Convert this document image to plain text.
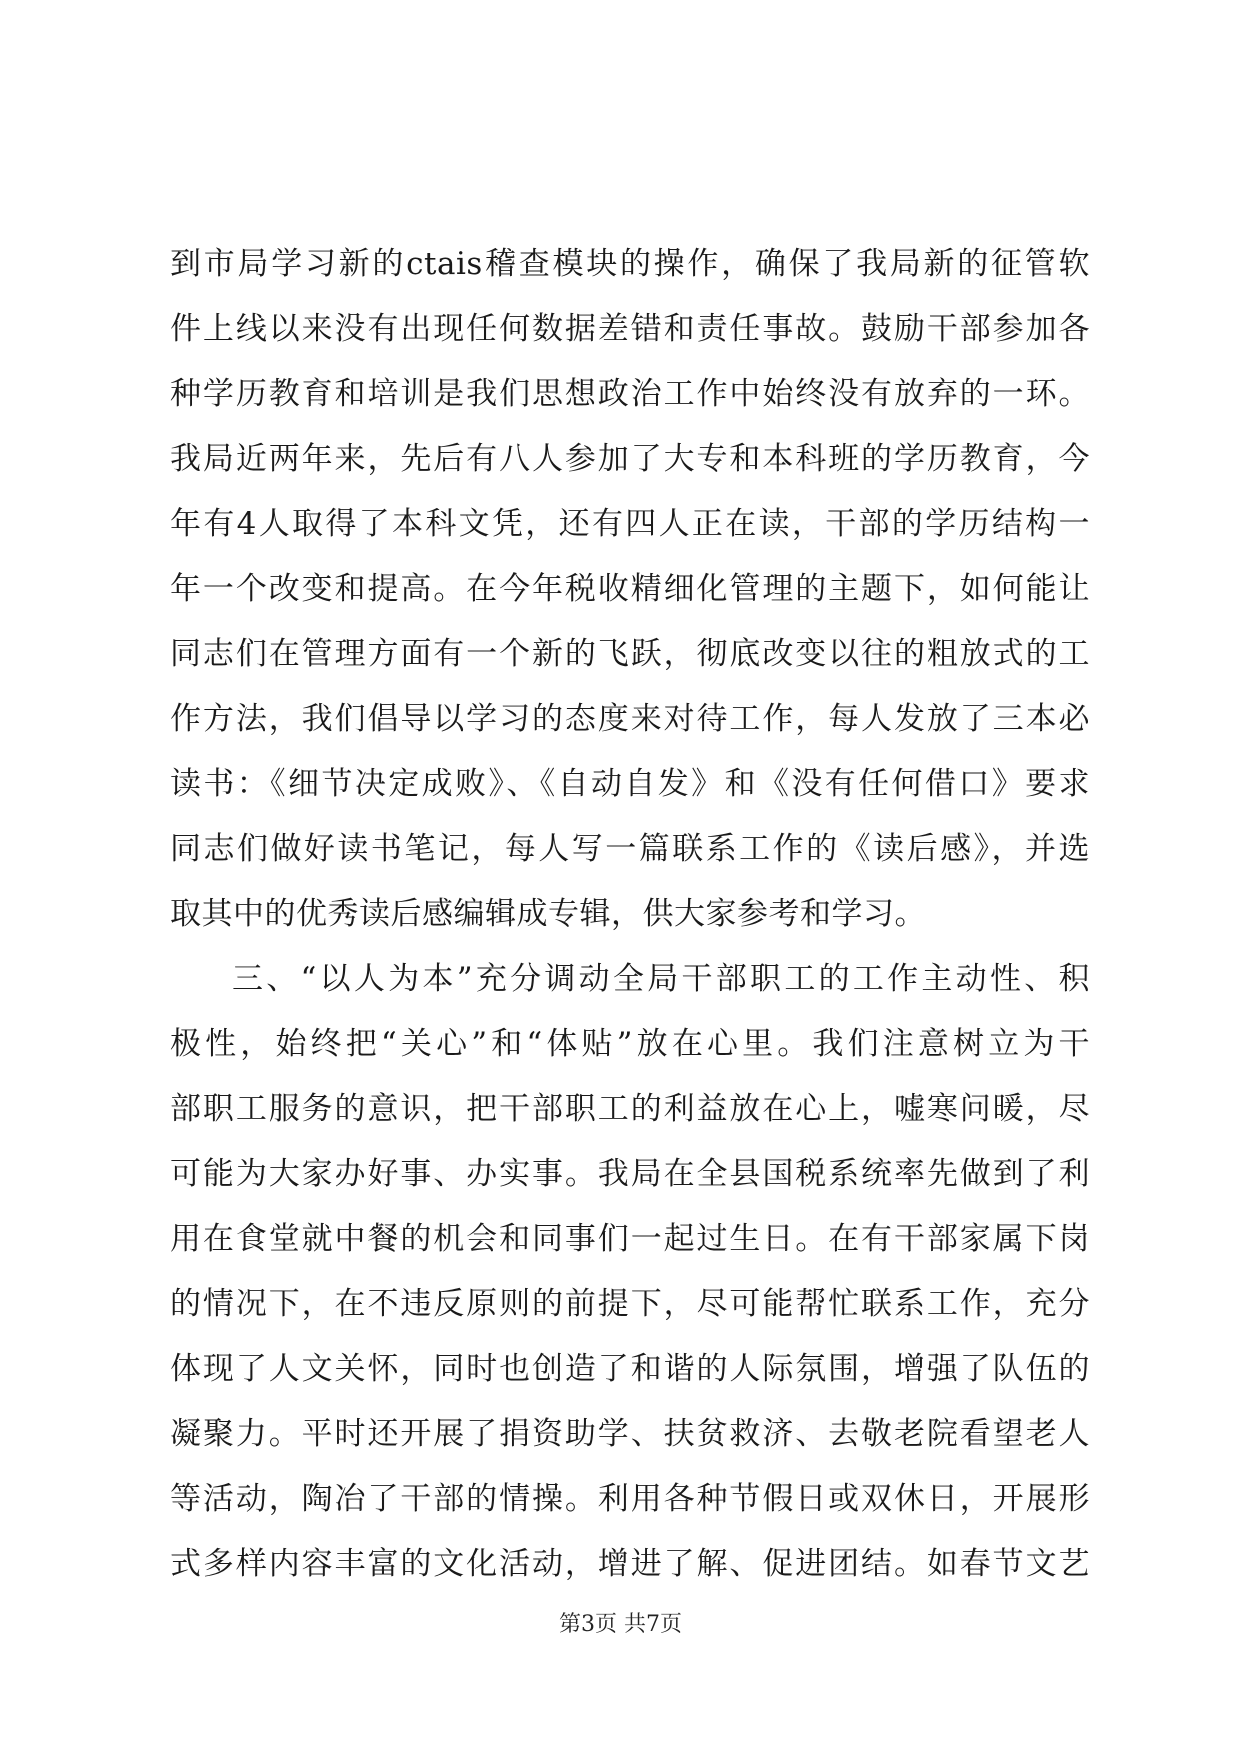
到市局学习新的ctais稽查模块的操作，确保了我局新的征管软
件上线以来没有出现任何数据差错和责任事故。鼓励干部参加各
种学历教育和培训是我们思想政治工作中始终没有放弃的一环。
我局近两年来，先后有八人参加了大专和本科班的学历教育，今
年有4人取得了本科文凭，还有四人正在读，干部的学历结构一
年一个改变和提高。在今年税收精细化管理的主题下，如何能让
同志们在管理方面有一个新的飞跃，彻底改变以往的粗放式的工
作方法，我们倡导以学习的态度来对待工作，每人发放了三本必
读书：《细节决定成败》、《自动自发》和《没有任何借口》要求
同志们做好读书笔记，每人写一篇联系工作的《读后感》，并选
取其中的优秀读后感编辑成专辑，供大家参考和学习。
三、“以人为本”充分调动全局干部职工的工作主动性、积
极性，始终把“关心”和“体贴”放在心里。我们注意树立为干
部职工服务的意识，把干部职工的利益放在心上，嘘寒问暖，尽
可能为大家办好事、办实事。我局在全县国税系统率先做到了利
用在食堂就中餐的机会和同事们一起过生日。在有干部家属下岗
的情况下，在不违反原则的前提下，尽可能帮忙联系工作，充分
体现了人文关怀，同时也创造了和谐的人际氛围，增强了队伍的
凝聚力。平时还开展了捐资助学、扶贫救济、去敬老院看望老人
等活动，陶冶了干部的情操。利用各种节假日或双休日，开展形
式多样内容丰富的文化活动，增进了解、促进团结。如春节文艺
第3页 共7页
